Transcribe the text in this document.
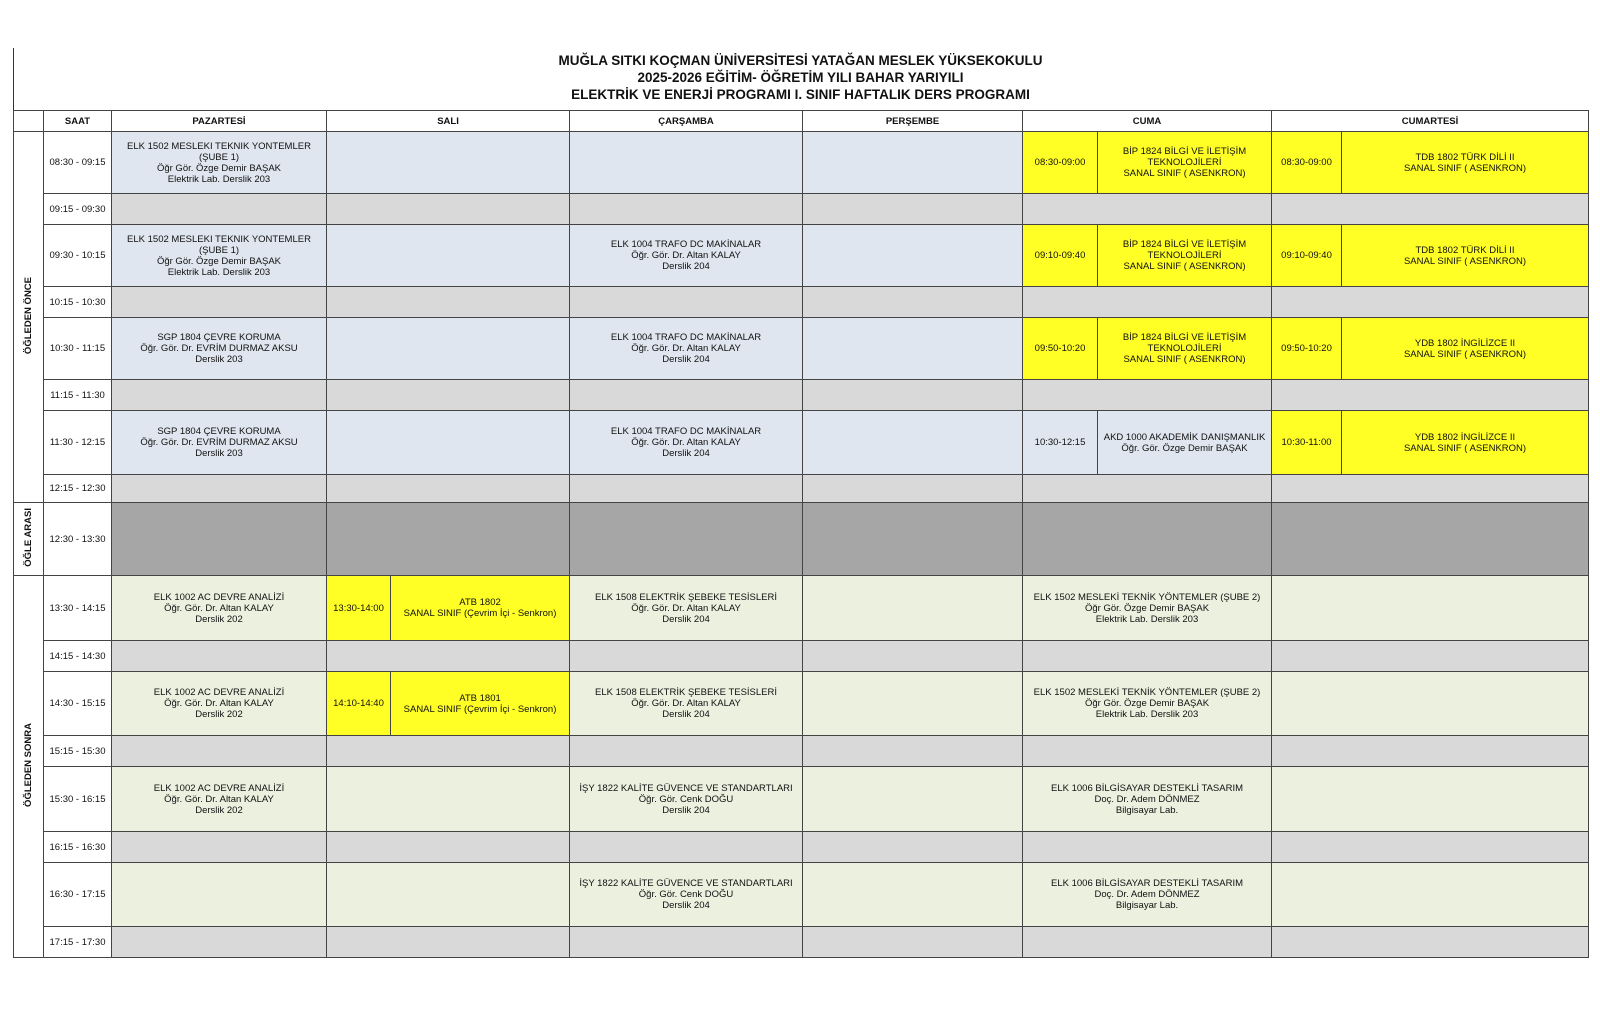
MUĞLA SITKI KOÇMAN ÜNİVERSİTESİ YATAĞAN MESLEK YÜKSEKOKULU
2025-2026 EĞİTİM- ÖĞRETİM YILI BAHAR YARIYILI
ELEKTRİK VE ENERJİ PROGRAMI I. SINIF HAFTALIK DERS PROGRAMI
	SAAT	PAZARTESİ	SALI		ÇARŞAMBA	PERŞEMBE	CUMA		CUMARTESİ	
ÖĞLEDEN ÖNCE	08:30 - 09:15	ELK 1502 MESLEKI TEKNIK YONTEMLER (ŞUBE 1)
Öğr Gör. Özge Demir BAŞAK
Elektrik Lab. Derslik 203					08:30-09:00	BİP 1824 BİLGİ VE İLETİŞİM TEKNOLOJİLERİ
SANAL SINIF ( ASENKRON)	08:30-09:00	TDB 1802 TÜRK DİLİ II
SANAL SINIF ( ASENKRON)

	09:15 - 09:30									
	09:30 - 10:15	ELK 1502 MESLEKI TEKNIK YONTEMLER (ŞUBE 1)
Öğr Gör. Özge Demir BAŞAK
Elektrik Lab. Derslik 203			ELK 1004 TRAFO DC MAKİNALAR
Öğr. Gör. Dr. Altan KALAY
Derslik 204		09:10-09:40	BİP 1824 BİLGİ VE İLETİŞİM TEKNOLOJİLERİ
SANAL SINIF ( ASENKRON)	09:10-09:40	TDB 1802 TÜRK DİLİ II
SANAL SINIF ( ASENKRON)

	10:15 - 10:30									
	10:30 - 11:15	SGP 1804 ÇEVRE KORUMA
Öğr. Gör. Dr. EVRİM DURMAZ AKSU
Derslik 203			ELK 1004 TRAFO DC MAKİNALAR
Öğr. Gör. Dr. Altan KALAY
Derslik 204		09:50-10:20	BİP 1824 BİLGİ VE İLETİŞİM TEKNOLOJİLERİ
SANAL SINIF ( ASENKRON)	09:50-10:20	YDB 1802 İNGİLİZCE II
SANAL SINIF ( ASENKRON)

	11:15 - 11:30									
	11:30 - 12:15	SGP 1804 ÇEVRE KORUMA
Öğr. Gör. Dr. EVRİM DURMAZ AKSU
Derslik 203			ELK 1004 TRAFO DC MAKİNALAR
Öğr. Gör. Dr. Altan KALAY
Derslik 204		10:30-12:15	AKD 1000 AKADEMİK DANIŞMANLIK
Öğr. Gör. Özge Demir BAŞAK	10:30-11:00	YDB 1802 İNGİLİZCE II
SANAL SINIF ( ASENKRON)

	12:15 - 12:30									
ÖĞLE ARASI	12:30 - 13:30									
ÖĞLEDEN SONRA	13:30 - 14:15	ELK 1002 AC DEVRE ANALİZİ
Öğr. Gör. Dr. Altan KALAY
Derslik 202	13:30-14:00	ATB 1802
SANAL SINIF (Çevrim İçi - Senkron)	ELK 1508 ELEKTRİK ŞEBEKE TESİSLERİ
Öğr. Gör. Dr. Altan KALAY
Derslik 204		ELK 1502 MESLEKİ TEKNİK YÖNTEMLER (ŞUBE 2)
Öğr Gör. Özge Demir BAŞAK
Elektrik Lab. Derslik 203			

	14:15 - 14:30									
	14:30 - 15:15	ELK 1002 AC DEVRE ANALİZİ
Öğr. Gör. Dr. Altan KALAY
Derslik 202	14:10-14:40	ATB 1801
SANAL SINIF (Çevrim İçi - Senkron)	ELK 1508 ELEKTRİK ŞEBEKE TESİSLERİ
Öğr. Gör. Dr. Altan KALAY
Derslik 204		ELK 1502 MESLEKİ TEKNİK YÖNTEMLER (ŞUBE 2)
Öğr Gör. Özge Demir BAŞAK
Elektrik Lab. Derslik 203			

	15:15 - 15:30									
	15:30 - 16:15	ELK 1002 AC DEVRE ANALİZİ
Öğr. Gör. Dr. Altan KALAY
Derslik 202			İŞY 1822 KALİTE GÜVENCE VE STANDARTLARI
Öğr. Gör. Cenk DOĞU
Derslik 204		ELK 1006 BİLGİSAYAR DESTEKLİ TASARIM
Doç. Dr. Adem DÖNMEZ
Bilgisayar Lab.			

	16:15 - 16:30									
	16:30 - 17:15				İŞY 1822 KALİTE GÜVENCE VE STANDARTLARI
Öğr. Gör. Cenk DOĞU
Derslik 204		ELK 1006 BİLGİSAYAR DESTEKLİ TASARIM
Doç. Dr. Adem DÖNMEZ
Bilgisayar Lab.			

	17:15 - 17:30									
